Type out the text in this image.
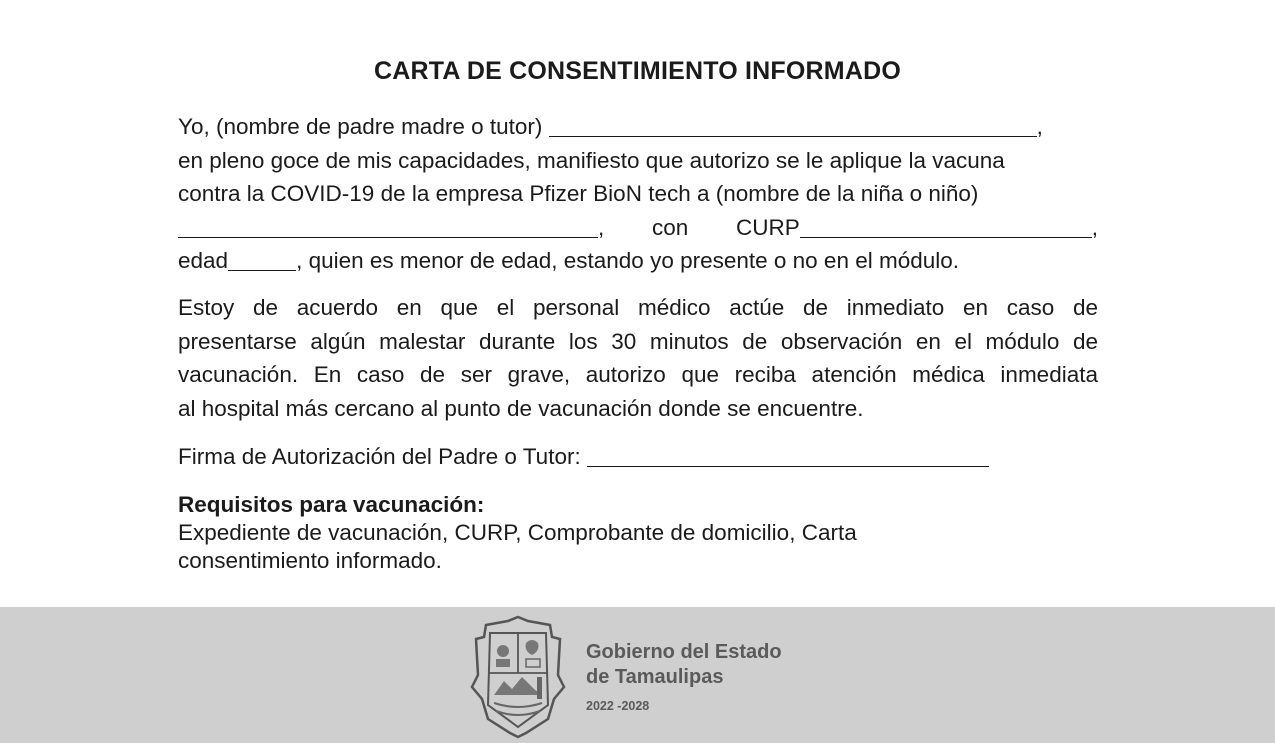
CARTA DE CONSENTIMIENTO INFORMADO
Yo, (nombre de padre madre o tutor)	,
en pleno goce de mis capacidades, manifiesto que autorizo se le aplique la vacuna
contra la COVID-19 de la empresa Pfizer BioN tech a (nombre de la niña o niño)
, con CURP	,
edad	, quien es menor de edad, estando yo presente o no en el módulo.
Estoy de acuerdo en que el personal médico actúe de inmediato en caso de
presentarse algún malestar durante los 30 minutos de observación en el módulo de
vacunación. En caso de ser grave, autorizo que reciba atención médica inmediata
al hospital más cercano al punto de vacunación donde se encuentre.
Firma de Autorización del Padre o Tutor:
Requisitos para vacunación:
Expediente de vacunación, CURP, Comprobante de domicilio, Carta
consentimiento informado.
Gobierno del Estado
de Tamaulipas
2022 -2028
